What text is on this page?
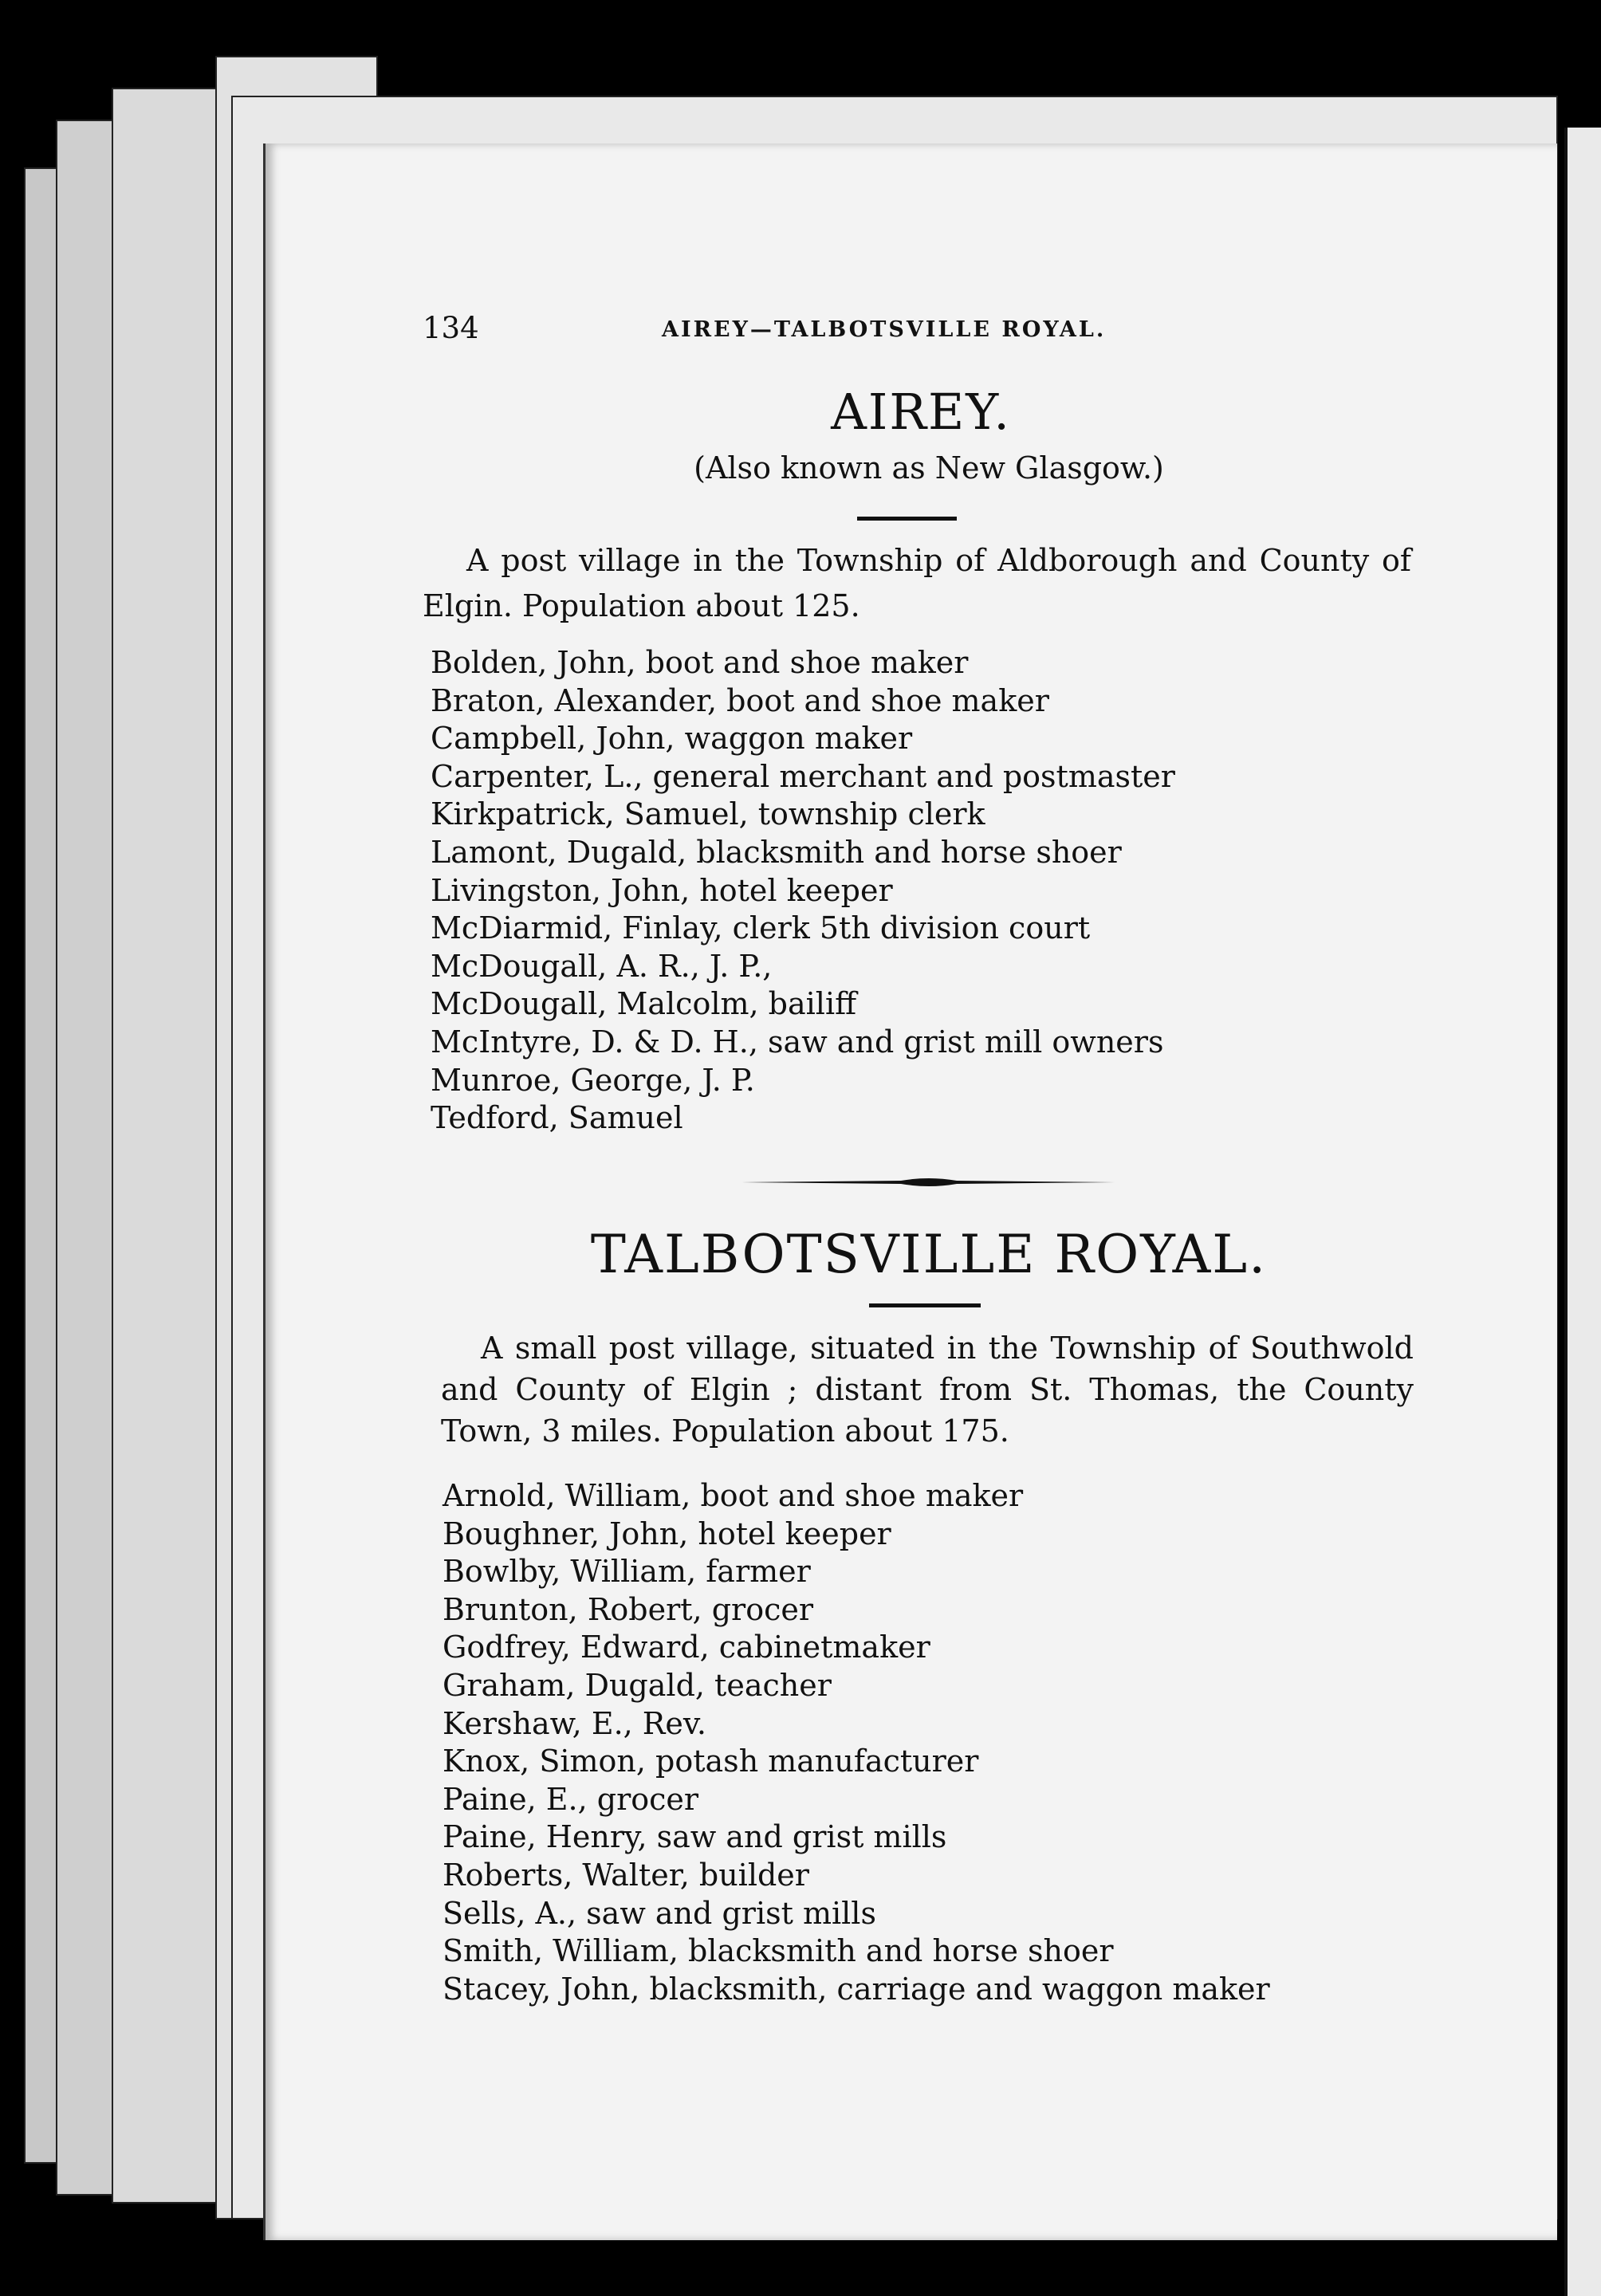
134	AIREY—TALBOTSVILLE ROYAL.
AIREY.
(Also known as New Glasgow.)
A post village in the Township of Aldborough and County of Elgin. Population about 125.
Bolden, John, boot and shoe maker
Braton, Alexander, boot and shoe maker
Campbell, John, waggon maker
Carpenter, L., general merchant and postmaster
Kirkpatrick, Samuel, township clerk
Lamont, Dugald, blacksmith and horse shoer
Livingston, John, hotel keeper
McDiarmid, Finlay, clerk 5th division court
McDougall, A. R., J. P.,
McDougall, Malcolm, bailiff
McIntyre, D. & D. H., saw and grist mill owners
Munroe, George, J. P.
Tedford, Samuel
TALBOTSVILLE ROYAL.
A small post village, situated in the Township of Southwold and County of Elgin ; distant from St. Thomas, the County Town, 3 miles. Population about 175.
Arnold, William, boot and shoe maker
Boughner, John, hotel keeper
Bowlby, William, farmer
Brunton, Robert, grocer
Godfrey, Edward, cabinetmaker
Graham, Dugald, teacher
Kershaw, E., Rev.
Knox, Simon, potash manufacturer
Paine, E., grocer
Paine, Henry, saw and grist mills
Roberts, Walter, builder
Sells, A., saw and grist mills
Smith, William, blacksmith and horse shoer
Stacey, John, blacksmith, carriage and waggon maker
